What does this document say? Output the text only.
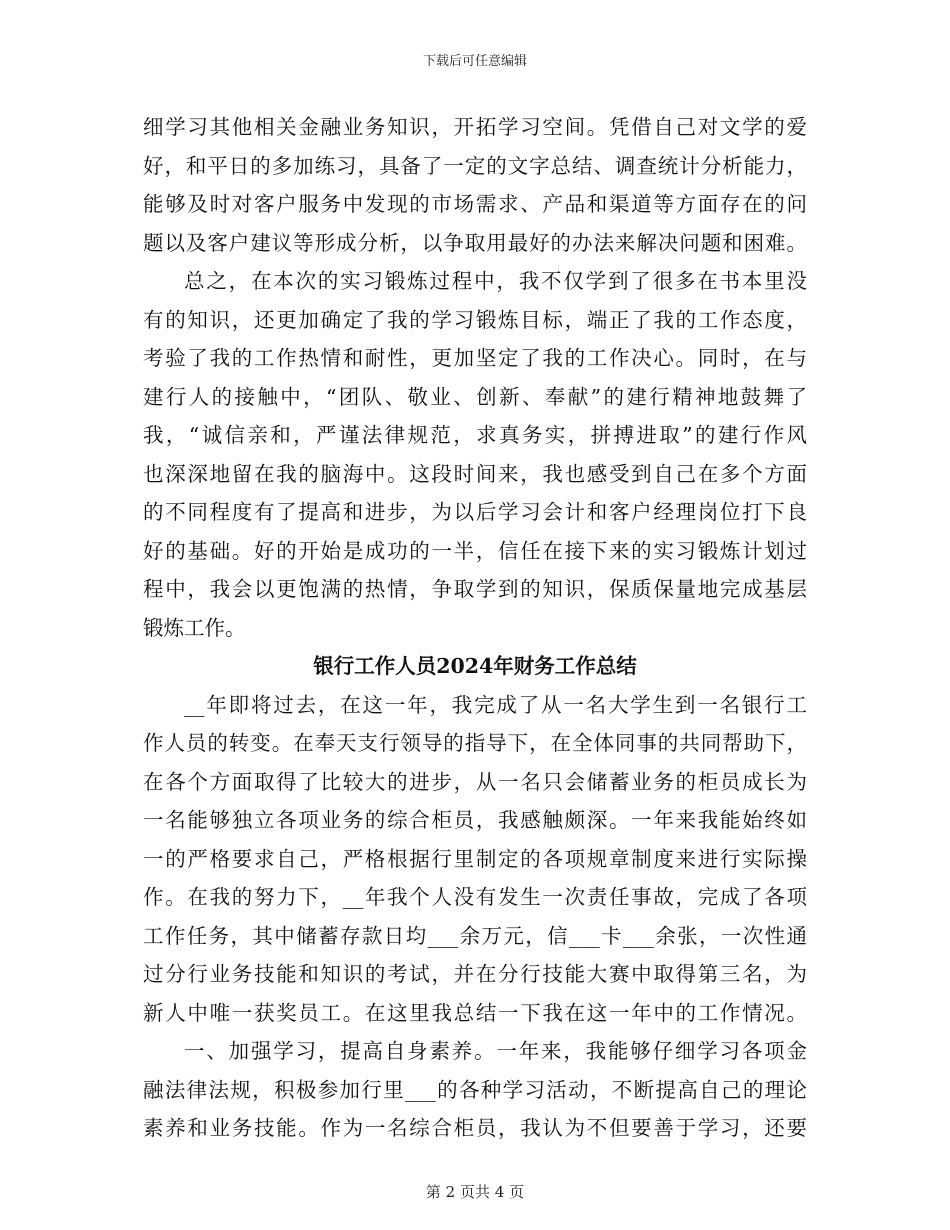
下载后可任意编辑
细学习其他相关金融业务知识，开拓学习空间。凭借自己对文学的爱
好，和平日的多加练习，具备了一定的文字总结、调查统计分析能力，
能够及时对客户服务中发现的市场需求、产品和渠道等方面存在的问
题以及客户建议等形成分析，以争取用最好的办法来解决问题和困难。
总之，在本次的实习锻炼过程中，我不仅学到了很多在书本里没
有的知识，还更加确定了我的学习锻炼目标，端正了我的工作态度，
考验了我的工作热情和耐性，更加坚定了我的工作决心。同时，在与
建行人的接触中，“团队、敬业、创新、奉献”的建行精神地鼓舞了
我，“诚信亲和，严谨法律规范，求真务实，拼搏进取”的建行作风
也深深地留在我的脑海中。这段时间来，我也感受到自己在多个方面
的不同程度有了提高和进步，为以后学习会计和客户经理岗位打下良
好的基础。好的开始是成功的一半，信任在接下来的实习锻炼计划过
程中，我会以更饱满的热情，争取学到的知识，保质保量地完成基层
锻炼工作。
银行工作人员2024年财务工作总结
__年即将过去，在这一年，我完成了从一名大学生到一名银行工
作人员的转变。在奉天支行领导的指导下，在全体同事的共同帮助下，
在各个方面取得了比较大的进步，从一名只会储蓄业务的柜员成长为
一名能够独立各项业务的综合柜员，我感触颇深。一年来我能始终如
一的严格要求自己，严格根据行里制定的各项规章制度来进行实际操
作。在我的努力下，__年我个人没有发生一次责任事故，完成了各项
工作任务，其中储蓄存款日均___余万元，信___卡___余张，一次性通
过分行业务技能和知识的考试，并在分行技能大赛中取得第三名，为
新人中唯一获奖员工。在这里我总结一下我在这一年中的工作情况。
一、加强学习，提高自身素养。一年来，我能够仔细学习各项金
融法律法规，积极参加行里___的各种学习活动，不断提高自己的理论
素养和业务技能。作为一名综合柜员，我认为不但要善于学习，还要
第 2 页共 4 页
